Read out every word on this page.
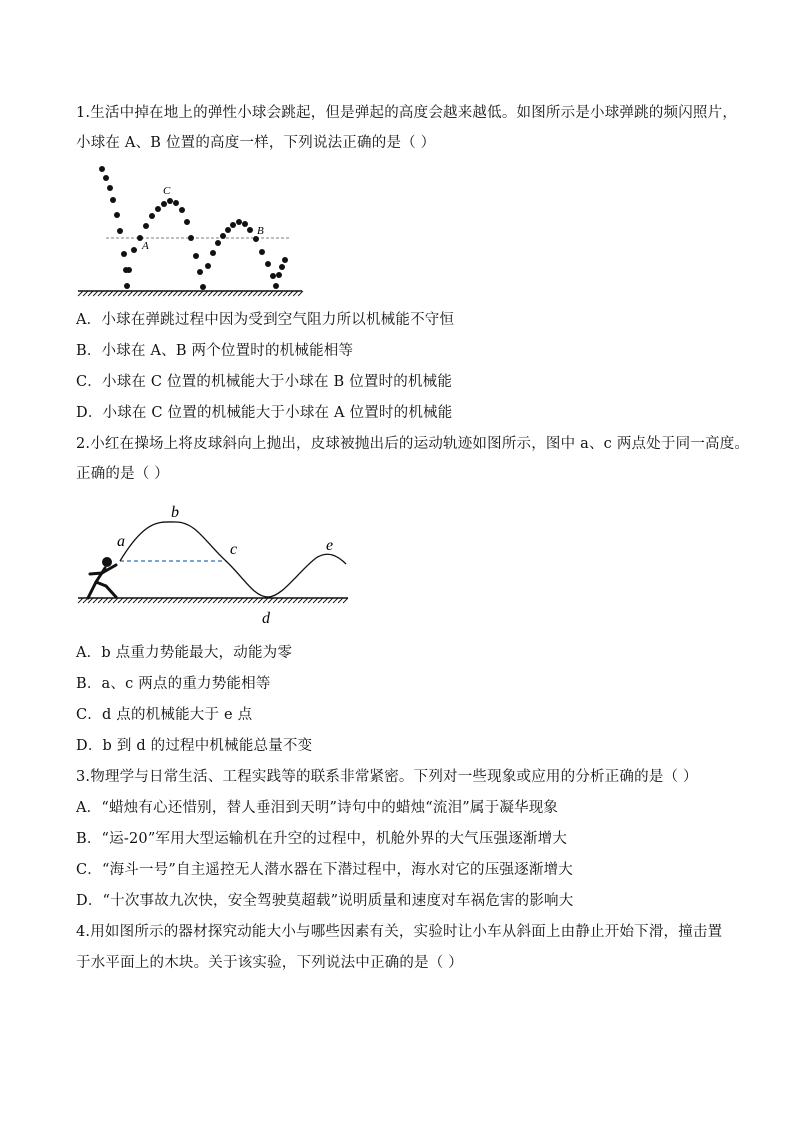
1.生活中掉在地上的弹性小球会跳起，但是弹起的高度会越来越低。如图所示是小球弹跳的频闪照片，
小球在 A、B 位置的高度一样，下列说法正确的是（ ）
C
A
B
A．小球在弹跳过程中因为受到空气阻力所以机械能不守恒
B．小球在 A、B 两个位置时的机械能相等
C．小球在 C 位置的机械能大于小球在 B 位置时的机械能
D．小球在 C 位置的机械能大于小球在 A 位置时的机械能
2.小红在操场上将皮球斜向上抛出，皮球被抛出后的运动轨迹如图所示，图中 a、c 两点处于同一高度。
正确的是（ ）
a
b
c
d
e
A．b 点重力势能最大，动能为零
B．a、c 两点的重力势能相等
C．d 点的机械能大于 e 点
D．b 到 d 的过程中机械能总量不变
3.物理学与日常生活、工程实践等的联系非常紧密。下列对一些现象或应用的分析正确的是（ ）
A．“蜡烛有心还惜别，替人垂泪到天明”诗句中的蜡烛“流泪”属于凝华现象
B．“运-20”军用大型运输机在升空的过程中，机舱外界的大气压强逐渐增大
C．“海斗一号”自主遥控无人潜水器在下潜过程中，海水对它的压强逐渐增大
D．“十次事故九次快，安全驾驶莫超载”说明质量和速度对车祸危害的影响大
4.用如图所示的器材探究动能大小与哪些因素有关，实验时让小车从斜面上由静止开始下滑，撞击置
于水平面上的木块。关于该实验，下列说法中正确的是（ ）
